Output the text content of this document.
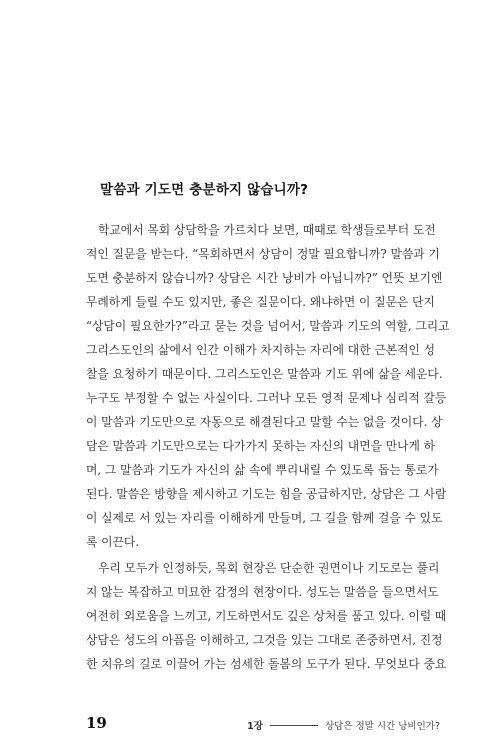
말씀과 기도면 충분하지 않습니까?
학교에서 목회 상담학을 가르치다 보면, 때때로 학생들로부터 도전
적인 질문을 받는다. “목회하면서 상담이 정말 필요합니까? 말씀과 기
도면 충분하지 않습니까? 상담은 시간 낭비가 아닙니까?” 언뜻 보기엔
무례하게 들릴 수도 있지만, 좋은 질문이다. 왜냐하면 이 질문은 단지
“상담이 필요한가?”라고 묻는 것을 넘어서, 말씀과 기도의 역할, 그리고
그리스도인의 삶에서 인간 이해가 차지하는 자리에 대한 근본적인 성
찰을 요청하기 때문이다. 그리스도인은 말씀과 기도 위에 삶을 세운다.
누구도 부정할 수 없는 사실이다. 그러나 모든 영적 문제나 심리적 갈등
이 말씀과 기도만으로 자동으로 해결된다고 말할 수는 없을 것이다. 상
담은 말씀과 기도만으로는 다가가지 못하는 자신의 내면을 만나게 하
며, 그 말씀과 기도가 자신의 삶 속에 뿌리내릴 수 있도록 돕는 통로가
된다. 말씀은 방향을 제시하고 기도는 힘을 공급하지만, 상담은 그 사람
이 실제로 서 있는 자리를 이해하게 만들며, 그 길을 함께 걸을 수 있도
록 이끈다.
우리 모두가 인정하듯, 목회 현장은 단순한 권면이나 기도로는 풀리
지 않는 복잡하고 미묘한 감정의 현장이다. 성도는 말씀을 들으면서도
여전히 외로움을 느끼고, 기도하면서도 깊은 상처를 품고 있다. 이럴 때
상담은 성도의 아픔을 이해하고, 그것을 있는 그대로 존중하면서, 진정
한 치유의 길로 이끌어 가는 섬세한 돌봄의 도구가 된다. 무엇보다 중요
19	1장	상담은 정말 시간 낭비인가?
